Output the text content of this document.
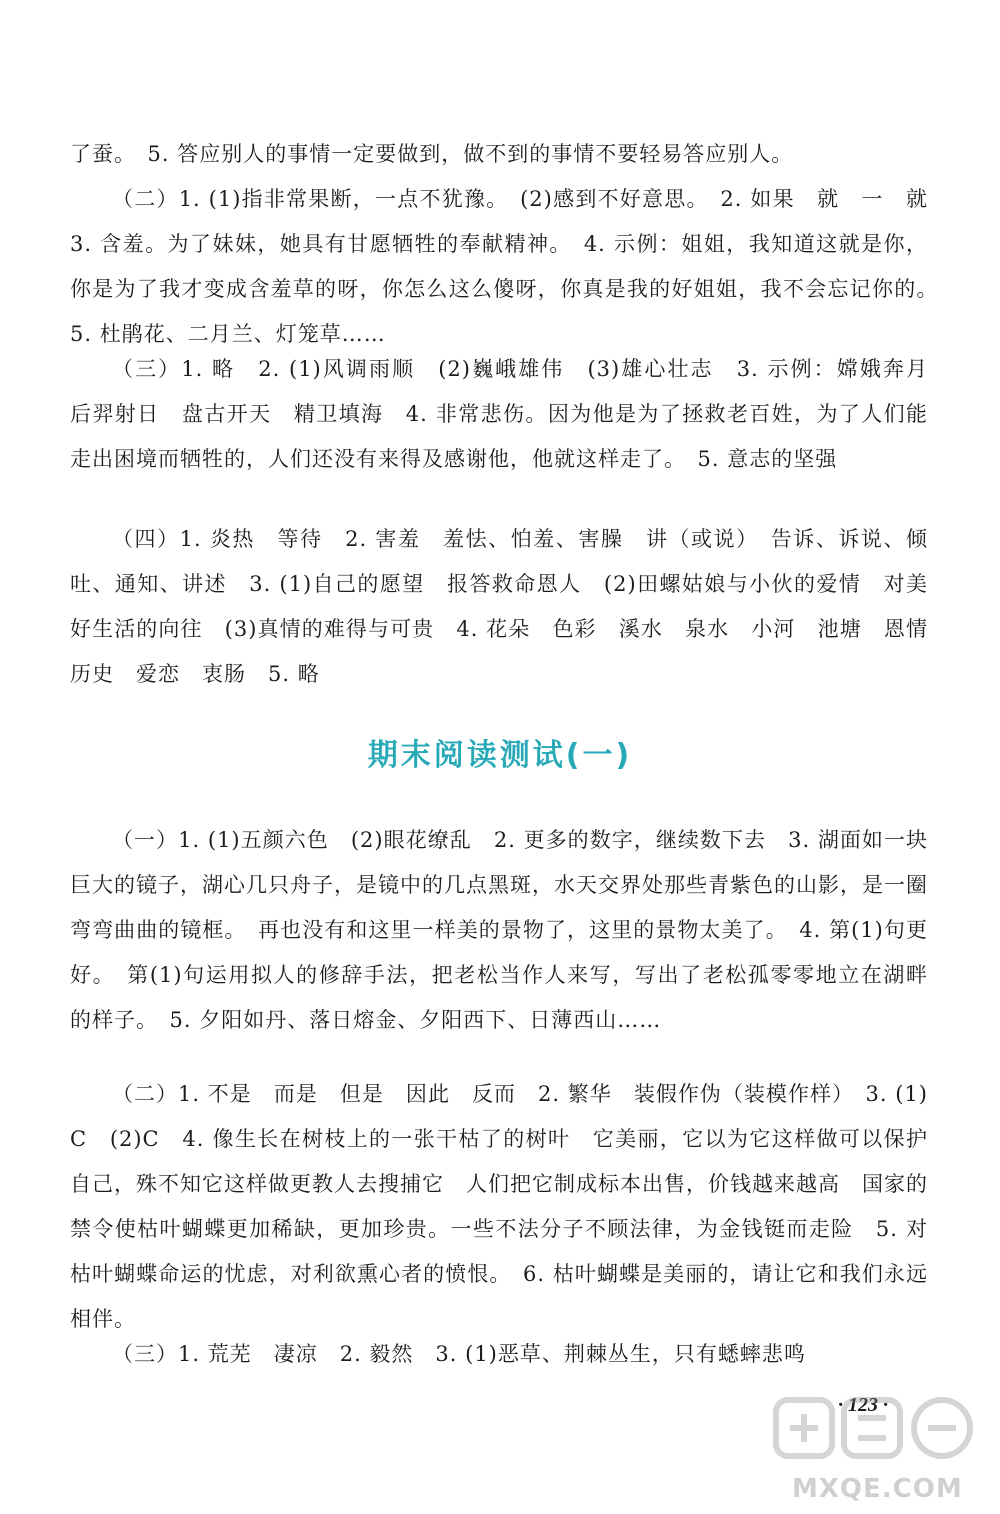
了蚕。　5. 答应别人的事情一定要做到，做不到的事情不要轻易答应别人。
（二）1. (1)指非常果断，一点不犹豫。　(2)感到不好意思。　2. 如果　就　一　就　3. 含羞。为了妹妹，她具有甘愿牺牲的奉献精神。　4. 示例：姐姐，我知道这就是你，你是为了我才变成含羞草的呀，你怎么这么傻呀，你真是我的好姐姐，我不会忘记你的。　5. 杜鹃花、二月兰、灯笼草……
（三）1. 略　2. (1)风调雨顺　(2)巍峨雄伟　(3)雄心壮志　3. 示例：嫦娥奔月　后羿射日　盘古开天　精卫填海　4. 非常悲伤。因为他是为了拯救老百姓，为了人们能走出困境而牺牲的，人们还没有来得及感谢他，他就这样走了。　5. 意志的坚强
（四）1. 炎热　等待　2. 害羞　羞怯、怕羞、害臊　讲（或说）　告诉、诉说、倾吐、通知、讲述　3. (1)自己的愿望　报答救命恩人　(2)田螺姑娘与小伙的爱情　对美好生活的向往　(3)真情的难得与可贵　4. 花朵　色彩　溪水　泉水　小河　池塘　恩情　历史　爱恋　衷肠　5. 略
期末阅读测试(一)
（一）1. (1)五颜六色　(2)眼花缭乱　2. 更多的数字，继续数下去　3. 湖面如一块巨大的镜子，湖心几只舟子，是镜中的几点黑斑，水天交界处那些青紫色的山影，是一圈弯弯曲曲的镜框。　再也没有和这里一样美的景物了，这里的景物太美了。　4. 第(1)句更好。　第(1)句运用拟人的修辞手法，把老松当作人来写，写出了老松孤零零地立在湖畔的样子。　5. 夕阳如丹、落日熔金、夕阳西下、日薄西山……
（二）1. 不是　而是　但是　因此　反而　2. 繁华　装假作伪（装模作样）　3. (1)C　(2)C　4. 像生长在树枝上的一张干枯了的树叶　它美丽，它以为它这样做可以保护自己，殊不知它这样做更教人去搜捕它　人们把它制成标本出售，价钱越来越高　国家的禁令使枯叶蝴蝶更加稀缺，更加珍贵。一些不法分子不顾法律，为金钱铤而走险　5. 对枯叶蝴蝶命运的忧虑，对利欲熏心者的愤恨。　6. 枯叶蝴蝶是美丽的，请让它和我们永远相伴。
（三）1. 荒芜　凄凉　2. 毅然　3. (1)恶草、荆棘丛生，只有蟋蟀悲鸣
· 123 ·
MXQE.COM
